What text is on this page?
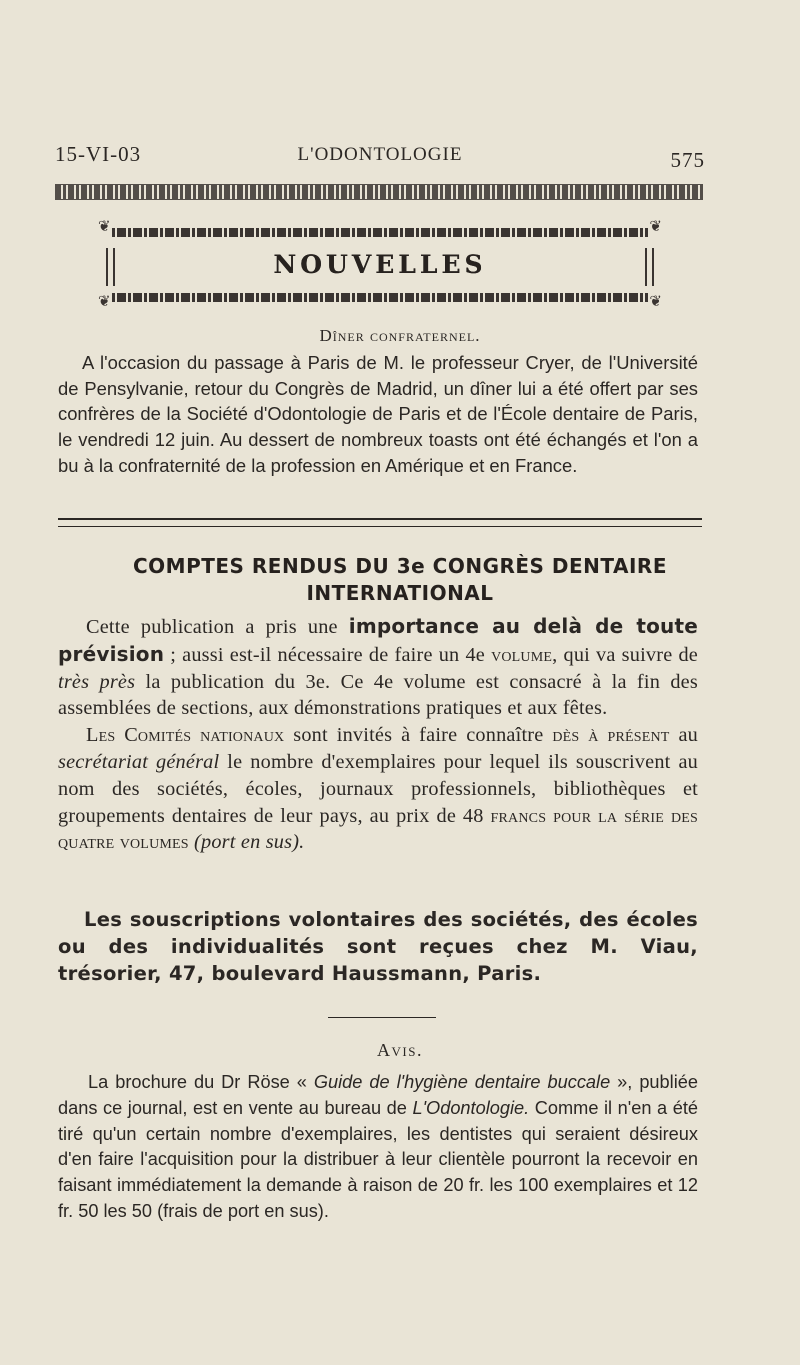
15-VI-03	L'ODONTOLOGIE	575
❦	❦
❦	❦
NOUVELLES
Dîner confraternel.

A l'occasion du passage à Paris de M. le professeur Cryer, de l'Université de Pensylvanie, retour du Congrès de Madrid, un dîner lui a été offert par ses confrères de la Société d'Odontologie de Paris et de l'École dentaire de Paris, le vendredi 12 juin. Au dessert de nombreux toasts ont été échangés et l'on a bu à la confraternité de la profession en Amérique et en France.

COMPTES RENDUS DU 3e CONGRÈS DENTAIRE
INTERNATIONAL

Cette publication a pris une importance au delà de toute prévision ; aussi est-il nécessaire de faire un 4e volume, qui va suivre de très près la publication du 3e. Ce 4e volume est consacré à la fin des assemblées de sections, aux démonstrations pratiques et aux fêtes.

Les Comités nationaux sont invités à faire connaître dès à présent au secrétariat général le nombre d'exemplaires pour lequel ils souscrivent au nom des sociétés, écoles, journaux professionnels, bibliothèques et groupements dentaires de leur pays, au prix de 48 francs pour la série des quatre volumes (port en sus).

Les souscriptions volontaires des sociétés, des écoles ou des individualités sont reçues chez M. Viau, trésorier, 47, boulevard Haussmann, Paris.

Avis.

La brochure du Dr Röse « Guide de l'hygiène dentaire buccale », publiée dans ce journal, est en vente au bureau de L'Odontologie. Comme il n'en a été tiré qu'un certain nombre d'exemplaires, les dentistes qui seraient désireux d'en faire l'acquisition pour la distribuer à leur clientèle pourront la recevoir en faisant immédiatement la demande à raison de 20 fr. les 100 exemplaires et 12 fr. 50 les 50 (frais de port en sus).
